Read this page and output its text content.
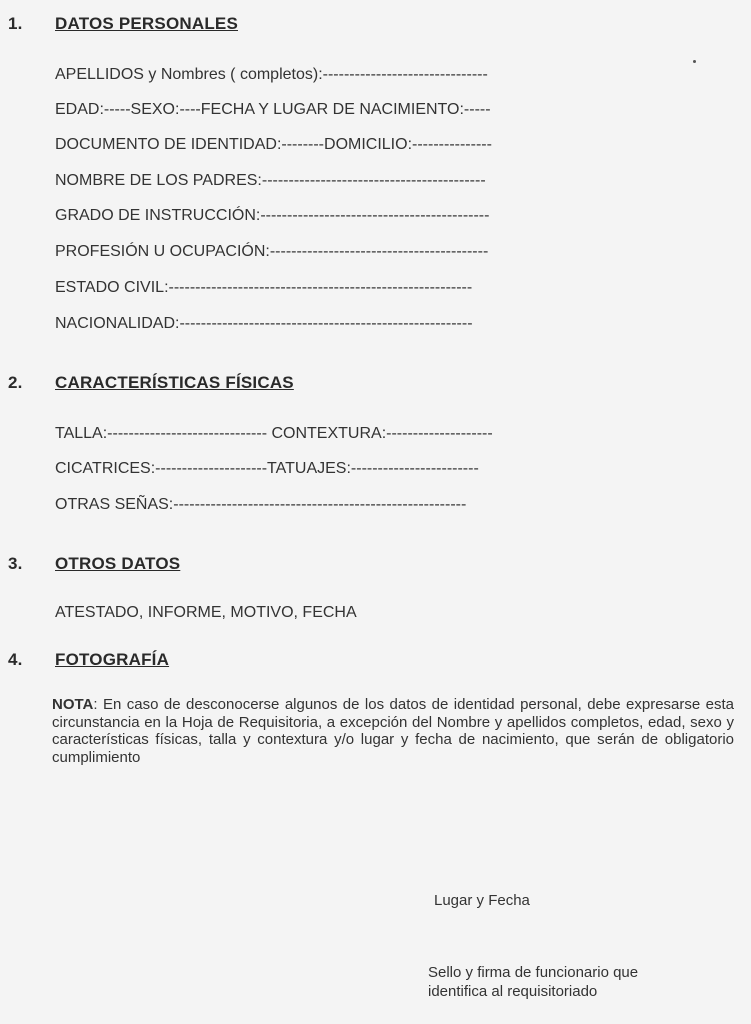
1.	DATOS PERSONALES
APELLIDOS y Nombres ( completos):-------------------------------
EDAD:-----SEXO:----FECHA Y LUGAR DE NACIMIENTO:-----
DOCUMENTO DE IDENTIDAD:--------DOMICILIO:---------------
NOMBRE DE LOS PADRES:------------------------------------------
GRADO DE INSTRUCCIÓN:-------------------------------------------
PROFESIÓN U OCUPACIÓN:-----------------------------------------
ESTADO CIVIL:---------------------------------------------------------
NACIONALIDAD:-------------------------------------------------------
2.	CARACTERÍSTICAS FÍSICAS
TALLA:------------------------------ CONTEXTURA:--------------------
CICATRICES:---------------------TATUAJES:------------------------
OTRAS SEÑAS:-------------------------------------------------------
3.	OTROS DATOS
ATESTADO, INFORME, MOTIVO, FECHA
4.	FOTOGRAFÍA
NOTA: En caso de desconocerse algunos de los datos de identidad personal, debe expresarse esta circunstancia en la Hoja de Requisitoria, a excepción del Nombre y apellidos completos, edad, sexo y características físicas, talla y contextura y/o lugar y fecha de nacimiento, que serán de obligatorio cumplimiento
Lugar y Fecha
Sello y firma de funcionario que
identifica al requisitoriado
